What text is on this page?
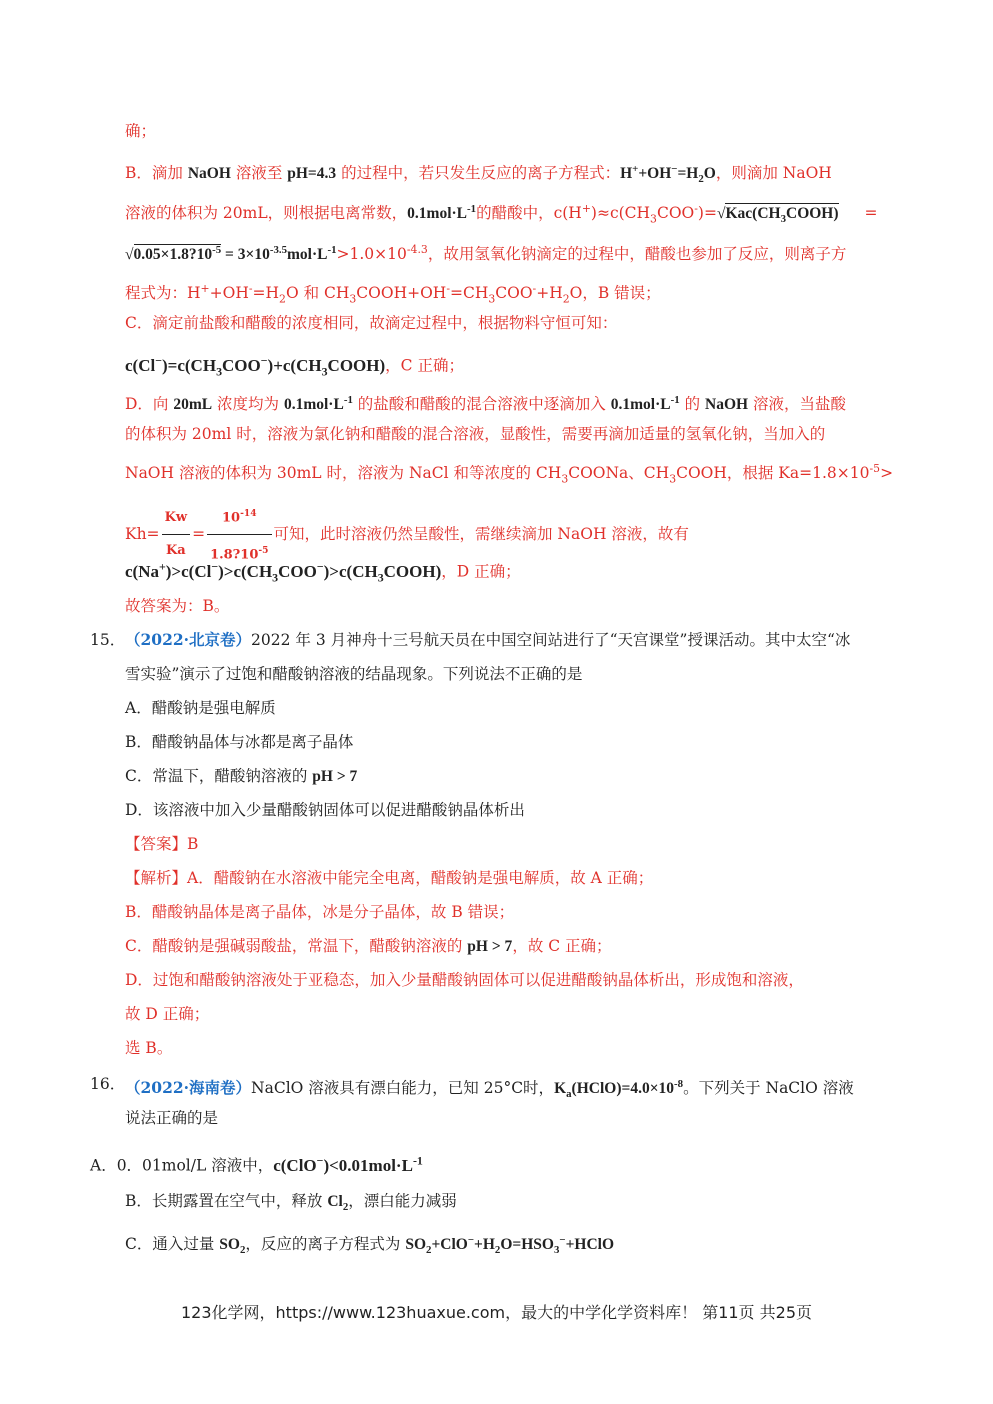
确；
B．滴加 NaOH 溶液至 pH=4.3 的过程中，若只发生反应的离子方程式：$H^++OH^-=H_2O$，则滴加 NaOH
溶液的体积为 20mL，则根据电离常数，$0.1mol\cdot L^{-1}$的醋酸中，$c(H^+)\approx c(CH_3COO^-)=√Kac(CH_3COOH)$ =
$√0.05\times 1.8?10^{-5} = 3\times 10^{-3.5}mol\cdot L^{-1}>1.0\times 10^{-4.3}$，故用氢氧化钠滴定的过程中，醋酸也参加了反应，则离子方
程式为：$H^++OH^-=H_2O$ 和 $CH_3COOH+OH^-=CH_3COO^-+H_2O$，B 错误；
C．滴定前盐酸和醋酸的浓度相同，故滴定过程中，根据物料守恒可知：
$c(Cl^-)=c(CH_3COO^-)+c(CH_3COOH)$，C 正确；
D．向 20mL 浓度均为 $0.1mol\cdot L^{-1}$ 的盐酸和醋酸的混合溶液中逐滴加入 $0.1mol\cdot L^{-1}$ 的 NaOH 溶液，当盐酸
的体积为 20ml 时，溶液为氯化钠和醋酸的混合溶液，显酸性，需要再滴加适量的氢氧化钠，当加入的
NaOH 溶液的体积为 30mL 时，溶液为 NaCl 和等浓度的 $CH_3COONa$、$CH_3COOH$，根据 $Ka=1.8\times 10^{-5}>$
$Kh= \frac{Kw}{Ka} = \frac{10^{-14}}{1.8?10^{-5}}$ 可知，此时溶液仍然呈酸性，需继续滴加 NaOH 溶液，故有
$c(Na^+)>c(Cl^-)>c(CH_3COO^-)>c(CH_3COOH)$，D 正确；
故答案为：B。
15． （2022·北京卷）2022 年 3 月神舟十三号航天员在中国空间站进行了“天宫课堂”授课活动。其中太空“冰
雪实验”演示了过饱和醋酸钠溶液的结晶现象。下列说法不正确的是
A．醋酸钠是强电解质
B．醋酸钠晶体与冰都是离子晶体
C．常温下，醋酸钠溶液的 pH > 7
D．该溶液中加入少量醋酸钠固体可以促进醋酸钠晶体析出
【答案】B
【解析】A．醋酸钠在水溶液中能完全电离，醋酸钠是强电解质，故 A 正确；
B．醋酸钠晶体是离子晶体，冰是分子晶体，故 B 错误；
C．醋酸钠是强碱弱酸盐，常温下，醋酸钠溶液的 pH > 7，故 C 正确；
D．过饱和醋酸钠溶液处于亚稳态，加入少量醋酸钠固体可以促进醋酸钠晶体析出，形成饱和溶液，
故 D 正确；
选 B。
16． （2022·海南卷）NaClO 溶液具有漂白能力，已知 25°C时，$K_a(HClO)=4.0\times 10^{-8}$。下列关于 NaClO 溶液
说法正确的是
A．0．01mol/L 溶液中，$c(ClO^-)<0.01mol\cdot L^{-1}$
B．长期露置在空气中，释放 $Cl_2$，漂白能力减弱
C．通入过量 $SO_2$，反应的离子方程式为 $SO_2+ClO^-+H_2O=HSO_3^-+HClO$
123化学网，https://www.123huaxue.com，最大的中学化学资料库！ 第11页 共25页
